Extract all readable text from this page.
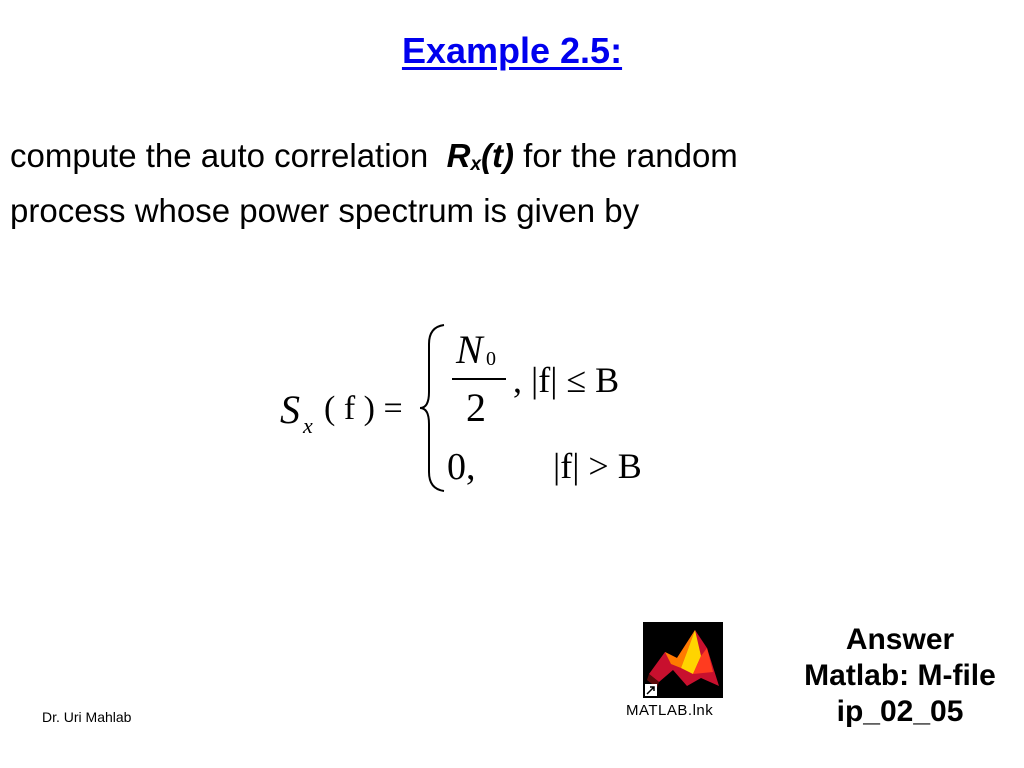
Example 2.5:
compute the auto correlation $R_x(t)$ for the random
process whose power spectrum is given by
S x ( f ) =
N 0
2
, |f| ≤ B
0, |f| > B
MATLAB.lnk
Answer
Matlab: M-file
ip_02_05
Dr. Uri Mahlab
